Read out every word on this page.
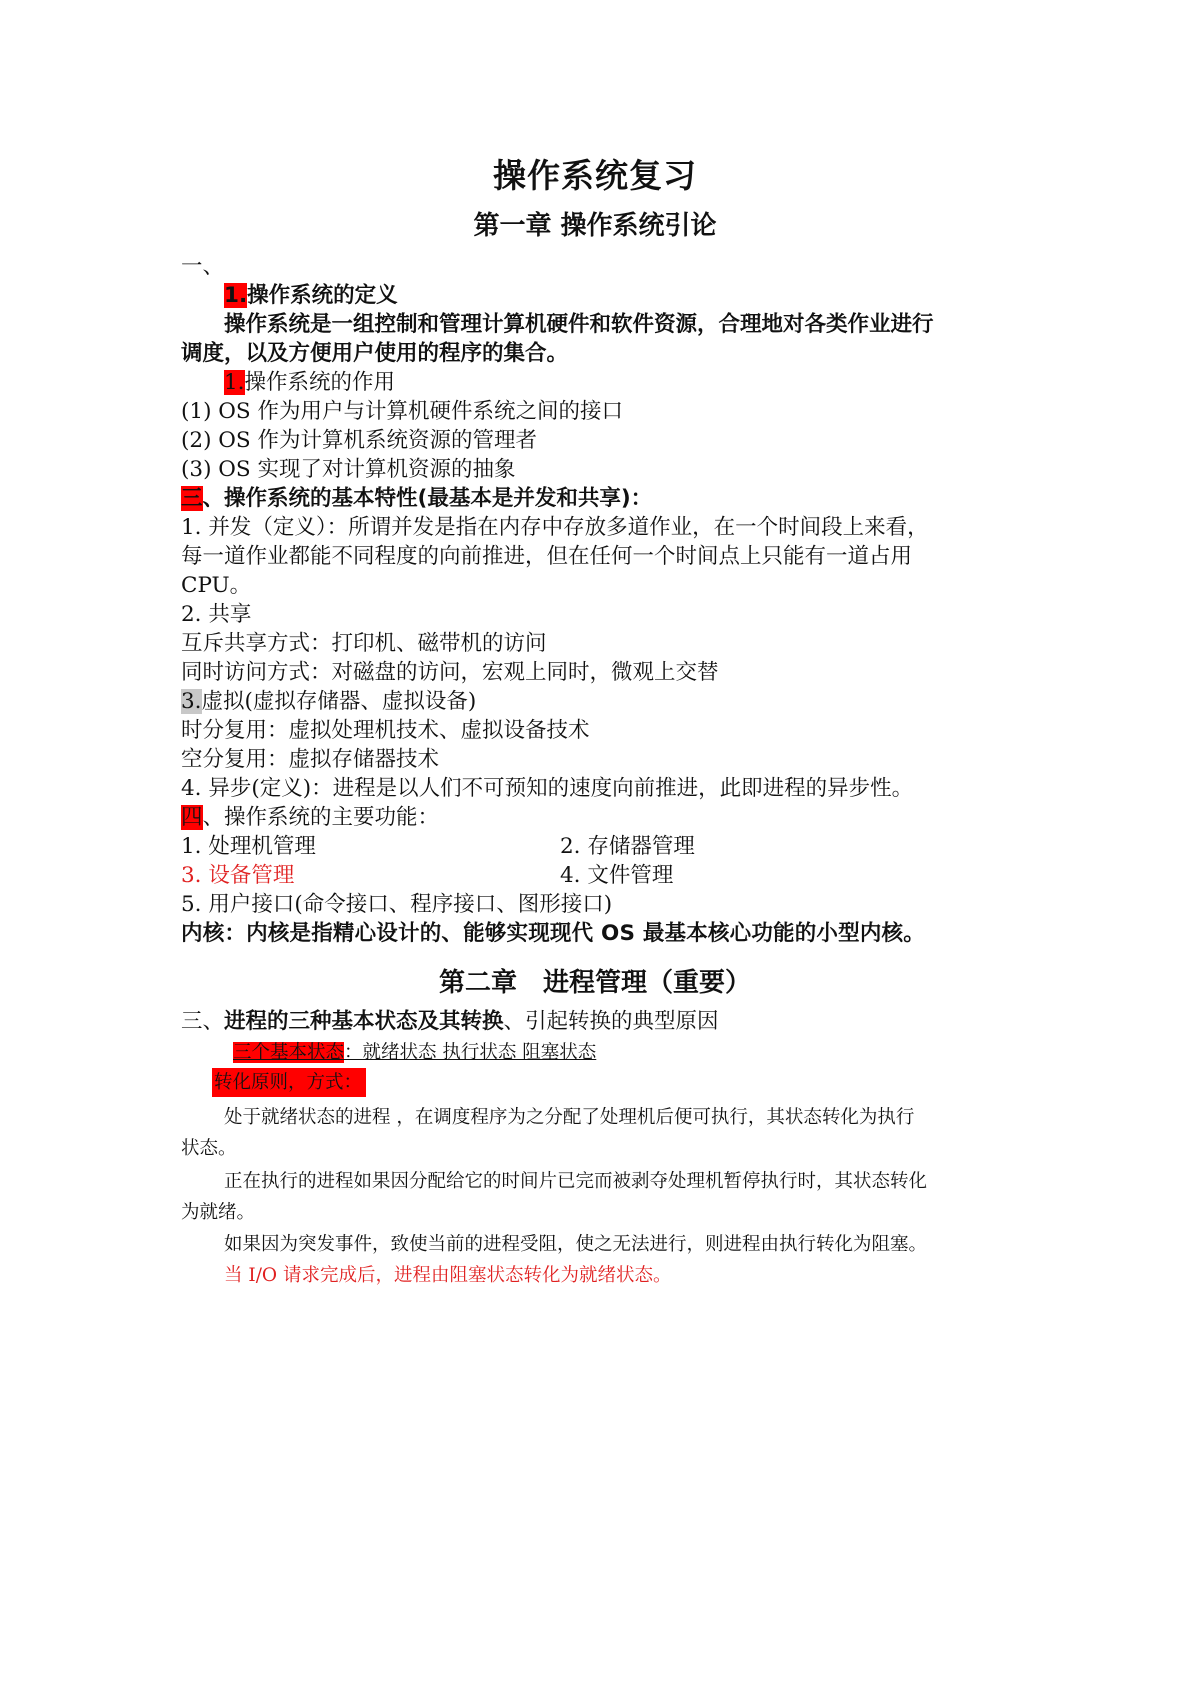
操作系统复习
第一章 操作系统引论
一、
1.操作系统的定义
操作系统是一组控制和管理计算机硬件和软件资源，合理地对各类作业进行
调度，以及方便用户使用的程序的集合。
1.操作系统的作用
(1) OS 作为用户与计算机硬件系统之间的接口
(2) OS 作为计算机系统资源的管理者
(3) OS 实现了对计算机资源的抽象
三、操作系统的基本特性(最基本是并发和共享)：
1. 并发（定义）：所谓并发是指在内存中存放多道作业，在一个时间段上来看，
每一道作业都能不同程度的向前推进，但在任何一个时间点上只能有一道占用
CPU。
2. 共享
互斥共享方式：打印机、磁带机的访问
同时访问方式：对磁盘的访问，宏观上同时，微观上交替
3.虚拟(虚拟存储器、虚拟设备)
时分复用：虚拟处理机技术、虚拟设备技术
空分复用：虚拟存储器技术
4. 异步(定义)：进程是以人们不可预知的速度向前推进，此即进程的异步性。
四、操作系统的主要功能：
1. 处理机管理	2. 存储器管理
3. 设备管理	4. 文件管理
5. 用户接口(命令接口、程序接口、图形接口)
内核：内核是指精心设计的、能够实现现代 OS 最基本核心功能的小型内核。
第二章　进程管理（重要）
三、进程的三种基本状态及其转换、引起转换的典型原因
三个基本状态：就绪状态 执行状态 阻塞状态
转化原则，方式：
处于就绪状态的进程 ，在调度程序为之分配了处理机后便可执行，其状态转化为执行
状态。
正在执行的进程如果因分配给它的时间片已完而被剥夺处理机暂停执行时，其状态转化
为就绪。
如果因为突发事件，致使当前的进程受阻，使之无法进行，则进程由执行转化为阻塞。
当 I/O 请求完成后，进程由阻塞状态转化为就绪状态。
